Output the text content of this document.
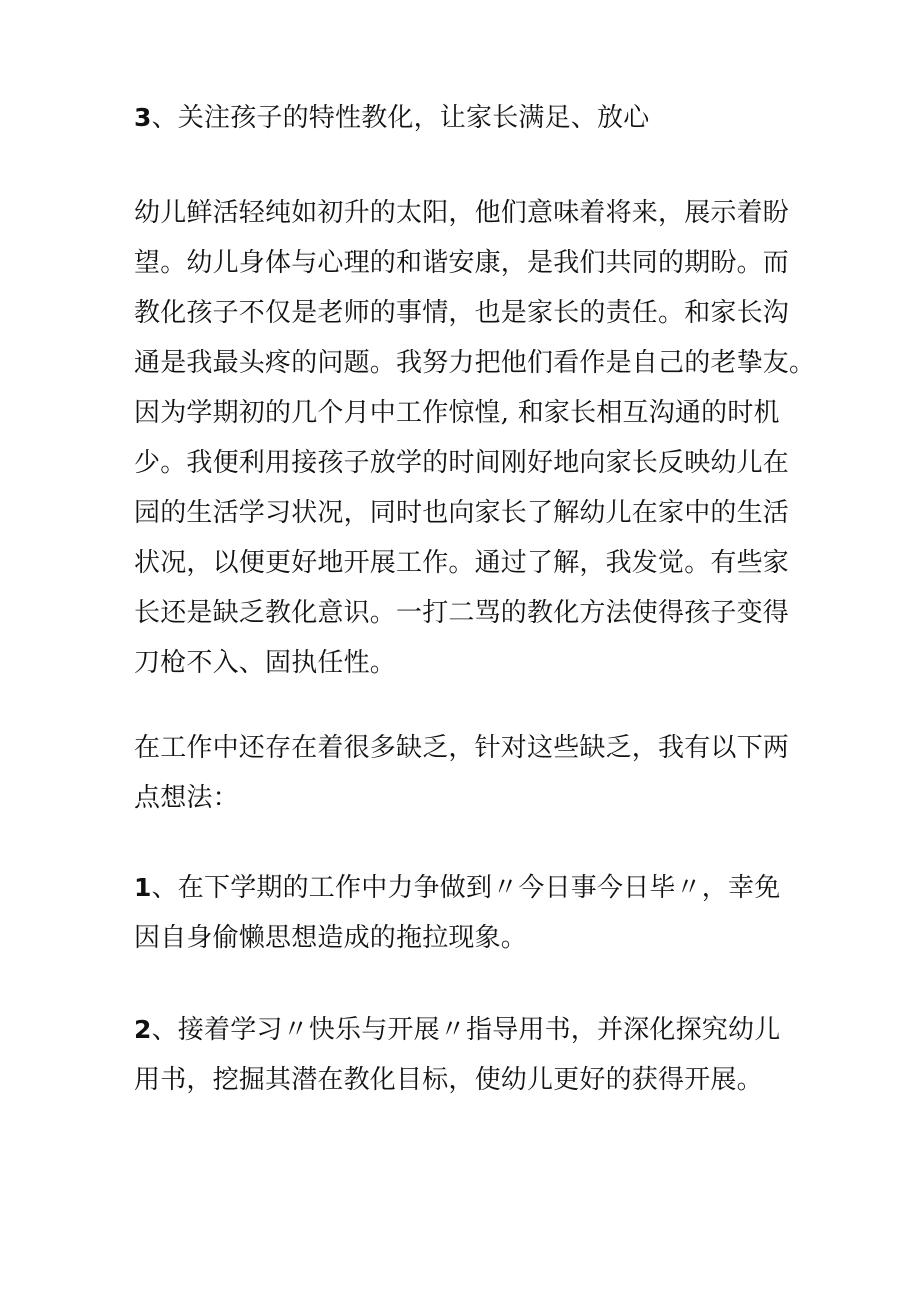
3、关注孩子的特性教化，让家长满足、放心
幼儿鲜活轻纯如初升的太阳，他们意味着将来，展示着盼
望。幼儿身体与心理的和谐安康，是我们共同的期盼。而
教化孩子不仅是老师的事情，也是家长的责任。和家长沟
通是我最头疼的问题。我努力把他们看作是自己的老挚友。
因为学期初的几个月中工作惊惶, 和家长相互沟通的时机
少。我便利用接孩子放学的时间刚好地向家长反映幼儿在
园的生活学习状况，同时也向家长了解幼儿在家中的生活
状况，以便更好地开展工作。通过了解，我发觉。有些家
长还是缺乏教化意识。一打二骂的教化方法使得孩子变得
刀枪不入、固执任性。
在工作中还存在着很多缺乏，针对这些缺乏，我有以下两
点想法：
1、在下学期的工作中力争做到〃今日事今日毕〃，幸免
因自身偷懒思想造成的拖拉现象。
2、接着学习〃快乐与开展〃指导用书，并深化探究幼儿
用书，挖掘其潜在教化目标，使幼儿更好的获得开展。
